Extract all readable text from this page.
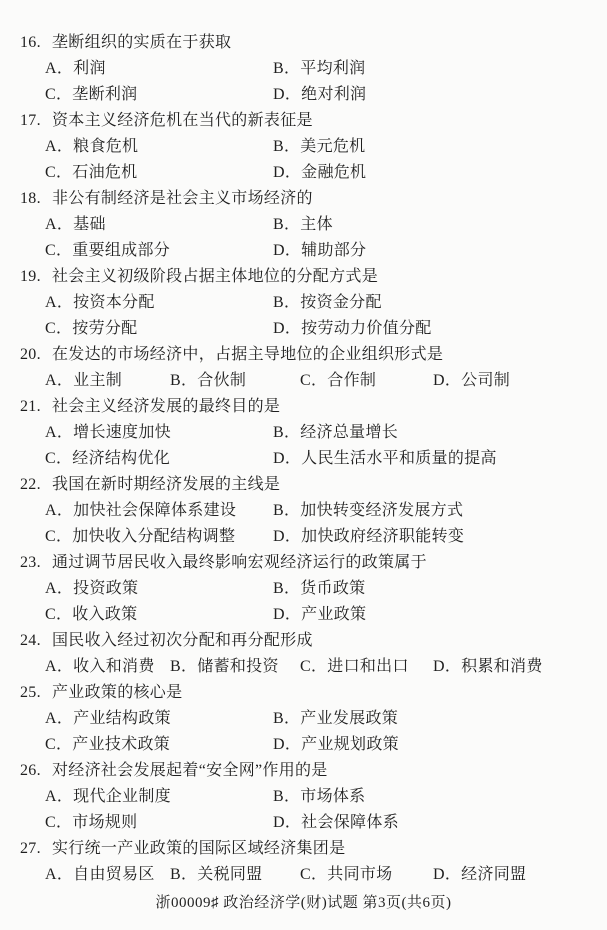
16. 垄断组织的实质在于获取
A．利润	B．平均利润
C．垄断利润	D．绝对利润
17. 资本主义经济危机在当代的新表征是
A．粮食危机	B．美元危机
C．石油危机	D．金融危机
18. 非公有制经济是社会主义市场经济的
A．基础	B．主体
C．重要组成部分	D．辅助部分
19. 社会主义初级阶段占据主体地位的分配方式是
A．按资本分配	B．按资金分配
C．按劳分配	D．按劳动力价值分配
20. 在发达的市场经济中，占据主导地位的企业组织形式是
A．业主制	B．合伙制	C．合作制	D．公司制
21. 社会主义经济发展的最终目的是
A．增长速度加快	B．经济总量增长
C．经济结构优化	D．人民生活水平和质量的提高
22. 我国在新时期经济发展的主线是
A．加快社会保障体系建设 B．加快转变经济发展方式
C．加快收入分配结构调整 D．加快政府经济职能转变
23. 通过调节居民收入最终影响宏观经济运行的政策属于
A．投资政策	B．货币政策
C．收入政策	D．产业政策
24. 国民收入经过初次分配和再分配形成
A．收入和消费 B．储蓄和投资 C．进口和出口 D．积累和消费
25. 产业政策的核心是
A．产业结构政策	B．产业发展政策
C．产业技术政策	D．产业规划政策
26. 对经济社会发展起着“安全网”作用的是
A．现代企业制度	B．市场体系
C．市场规则	D．社会保障体系
27. 实行统一产业政策的国际区域经济集团是
A．自由贸易区 B．关税同盟 C．共同市场	D．经济同盟
浙00009♯ 政治经济学(财)试题 第3页(共6页)
